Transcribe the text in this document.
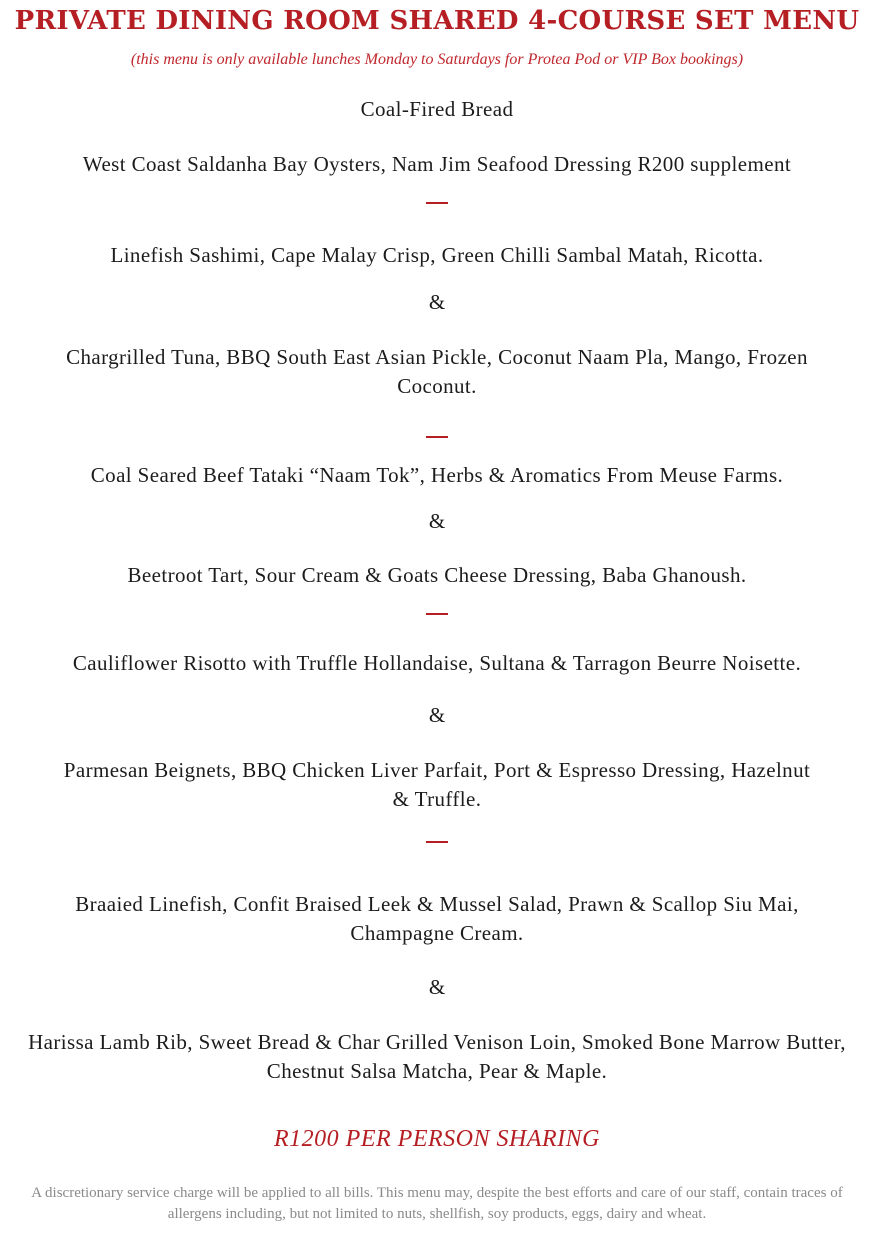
PRIVATE DINING ROOM SHARED 4-COURSE SET MENU
(this menu is only available lunches Monday to Saturdays for Protea Pod or VIP Box bookings)
Coal-Fired Bread
West Coast Saldanha Bay Oysters, Nam Jim Seafood Dressing R200 supplement
Linefish Sashimi, Cape Malay Crisp, Green Chilli Sambal Matah, Ricotta.
&
Chargrilled Tuna, BBQ South East Asian Pickle, Coconut Naam Pla, Mango, Frozen Coconut.
Coal Seared Beef Tataki “Naam Tok”, Herbs & Aromatics From Meuse Farms.
&
Beetroot Tart, Sour Cream & Goats Cheese Dressing, Baba Ghanoush.
Cauliflower Risotto with Truffle Hollandaise, Sultana & Tarragon Beurre Noisette.
&
Parmesan Beignets, BBQ Chicken Liver Parfait, Port & Espresso Dressing, Hazelnut & Truffle.
Braaied Linefish, Confit Braised Leek & Mussel Salad, Prawn & Scallop Siu Mai, Champagne Cream.
&
Harissa Lamb Rib, Sweet Bread & Char Grilled Venison Loin, Smoked Bone Marrow Butter, Chestnut Salsa Matcha, Pear & Maple.
R1200 PER PERSON SHARING
A discretionary service charge will be applied to all bills. This menu may, despite the best efforts and care of our staff, contain traces of allergens including, but not limited to nuts, shellfish, soy products, eggs, dairy and wheat.
